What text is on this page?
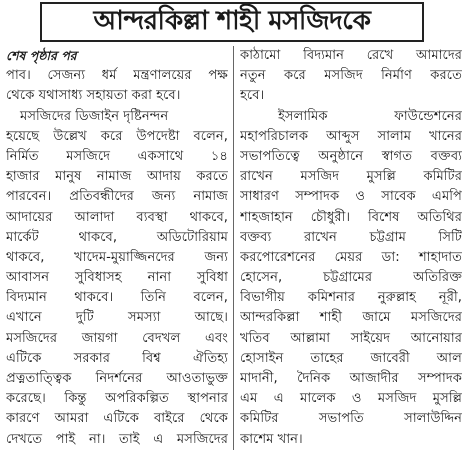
আন্দরকিল্লা শাহী মসজিদকে
শেষ পৃষ্ঠার পর
পাব। সেজন্য ধর্ম মন্ত্রণালয়ের পক্ষ
থেকে যথাসাধ্য সহায়তা করা হবে।
মসজিদের ডিজাইন দৃষ্টিনন্দন
হয়েছে উল্লেখ করে উপদেষ্টা বলেন,
নির্মিত মসজিদে একসাথে ১৪
হাজার মানুষ নামাজ আদায় করতে
পারবেন। প্রতিবন্ধীদের জন্য নামাজ
আদায়ের আলাদা ব্যবস্থা থাকবে,
মার্কেট থাকবে, অডিটোরিয়াম
থাকবে, খাদেম-মুয়াজ্জিনদের জন্য
আবাসন সুবিধাসহ নানা সুবিধা
বিদ্যমান থাকবে। তিনি বলেন,
এখানে দুটি সমস্যা আছে।
মসজিদের জায়গা বেদখল এবং
এটিকে সরকার বিশ্ব ঐতিহ্য
প্রত্নতাত্ত্বিক নিদর্শনের আওতাভুক্ত
করেছে। কিন্তু অপরিকল্পিত স্থাপনার
কারণে আমরা এটিকে বাইরে থেকে
দেখতে পাই না। তাই এ মসজিদের
কাঠামো বিদ্যমান রেখে আমাদের
নতুন করে মসজিদ নির্মাণ করতে
হবে।
ইসলামিক ফাউন্ডেশনের
মহাপরিচালক আব্দুস সালাম খানের
সভাপতিত্বে অনুষ্ঠানে স্বাগত বক্তব্য
রাখেন মসজিদ মুসল্লি কমিটির
সাধারণ সম্পাদক ও সাবেক এমপি
শাহজাহান চৌধুরী। বিশেষ অতিথির
বক্তব্য রাখেন চট্টগ্রাম সিটি
করপোরেশনের মেয়র ডা: শাহাদাত
হোসেন, চট্টগ্রামের অতিরিক্ত
বিভাগীয় কমিশনার নুরুল্লাহ নূরী,
আন্দরকিল্লা শাহী জামে মসজিদের
খতিব আল্লামা সাইয়েদ আনোয়ার
হোসাইন তাহের জাবেরী আল
মাদানী, দৈনিক আজাদীর সম্পাদক
এম এ মালেক ও মসজিদ মুসল্লি
কমিটির সভাপতি সালাউদ্দিন
কাশেম খান।
